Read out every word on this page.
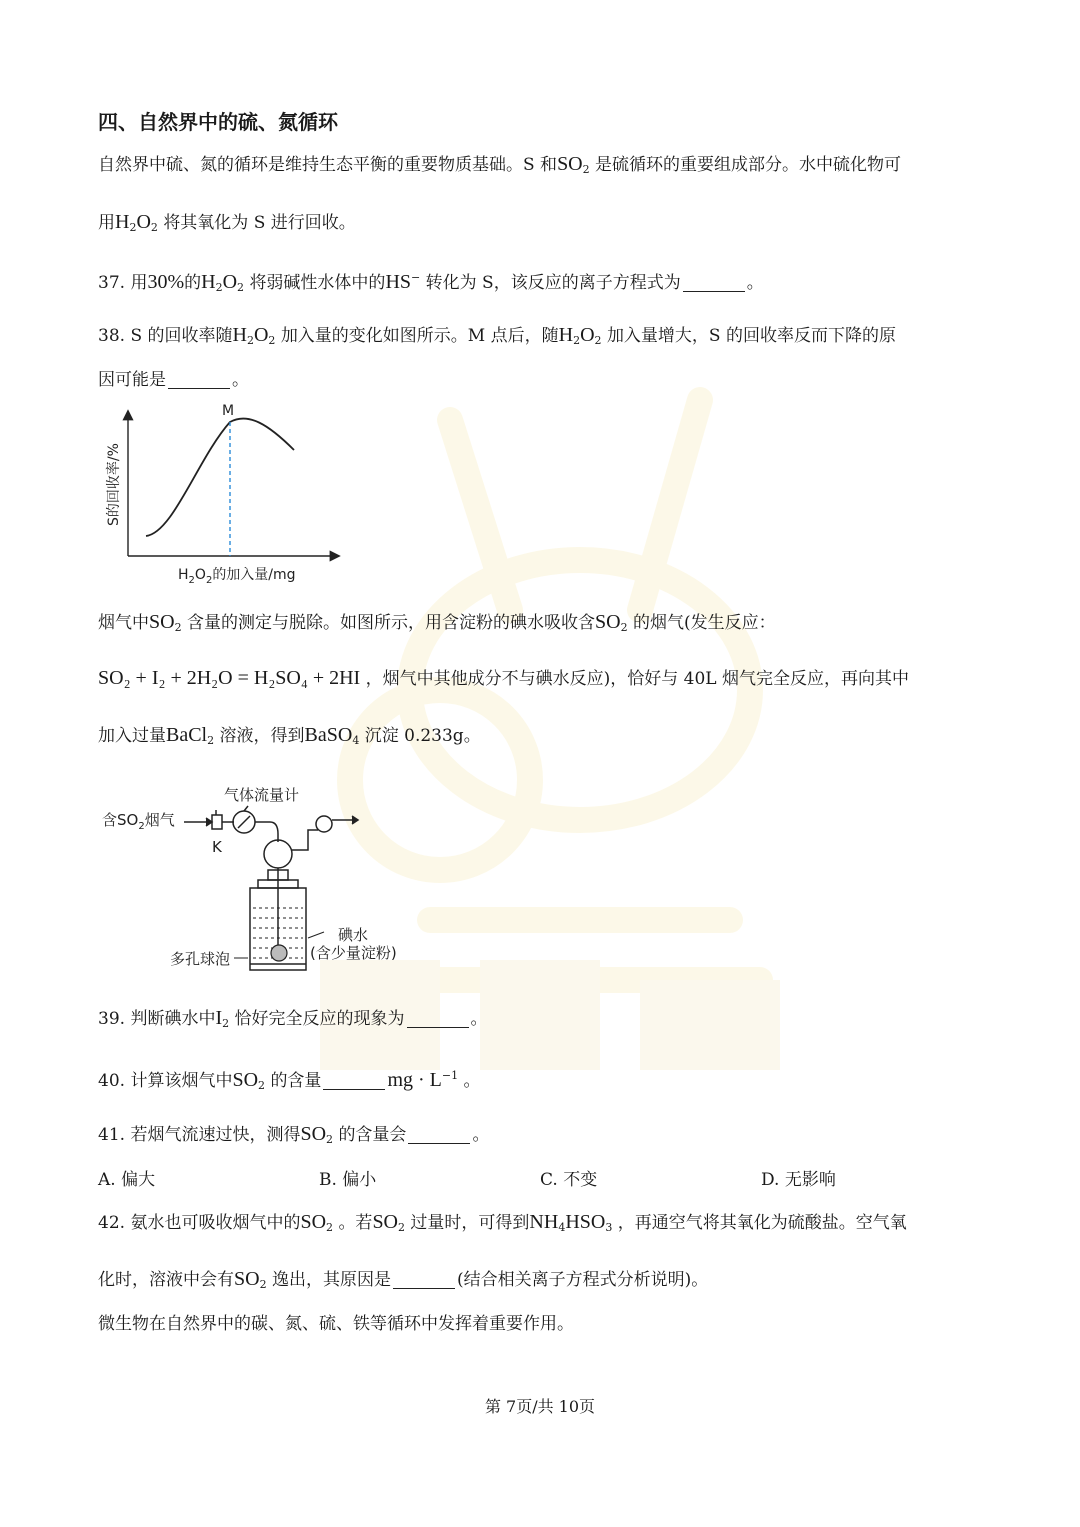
四、自然界中的硫、氮循环
自然界中硫、氮的循环是维持生态平衡的重要物质基础。S 和$SO_2$ 是硫循环的重要组成部分。水中硫化物可
用$H_2O_2$ 将其氧化为 S 进行回收。
37. 用30%的$H_2O_2$ 将弱碱性水体中的HS− 转化为 S，该反应的离子方程式为	。
38. S 的回收率随$H_2O_2$ 加入量的变化如图所示。M 点后，随$H_2O_2$ 加入量增大，S 的回收率反而下降的原
因可能是	。
M
S的回收率/%
$H_2O_2$的加入量/mg
烟气中$SO_2$ 含量的测定与脱除。如图所示，用含淀粉的碘水吸收含$SO_2$ 的烟气(发生反应：
SO₂ + I₂ + 2H₂O = H₂SO₄ + 2HI ，烟气中其他成分不与碘水反应)，恰好与 40L 烟气完全反应，再向其中
加入过量BaCl$_2$ 溶液，得到BaSO$_4$ 沉淀 0.233g。
气体流量计
含$SO_2$烟气
K
碘水
(含少量淀粉)
多孔球泡
39. 判断碘水中$I_2$ 恰好完全反应的现象为	。
40. 计算该烟气中$SO_2$ 的含量	mg · $L^{-1}$ 。
41. 若烟气流速过快，测得$SO_2$ 的含量会	。
A. 偏大	B. 偏小	C. 不变	D. 无影响
42. 氨水也可吸收烟气中的$SO_2$ 。若$SO_2$ 过量时，可得到$NH_4HSO_3$ ，再通空气将其氧化为硫酸盐。空气氧
化时，溶液中会有$SO_2$ 逸出，其原因是	(结合相关离子方程式分析说明)。
微生物在自然界中的碳、氮、硫、铁等循环中发挥着重要作用。
第 7页/共 10页
